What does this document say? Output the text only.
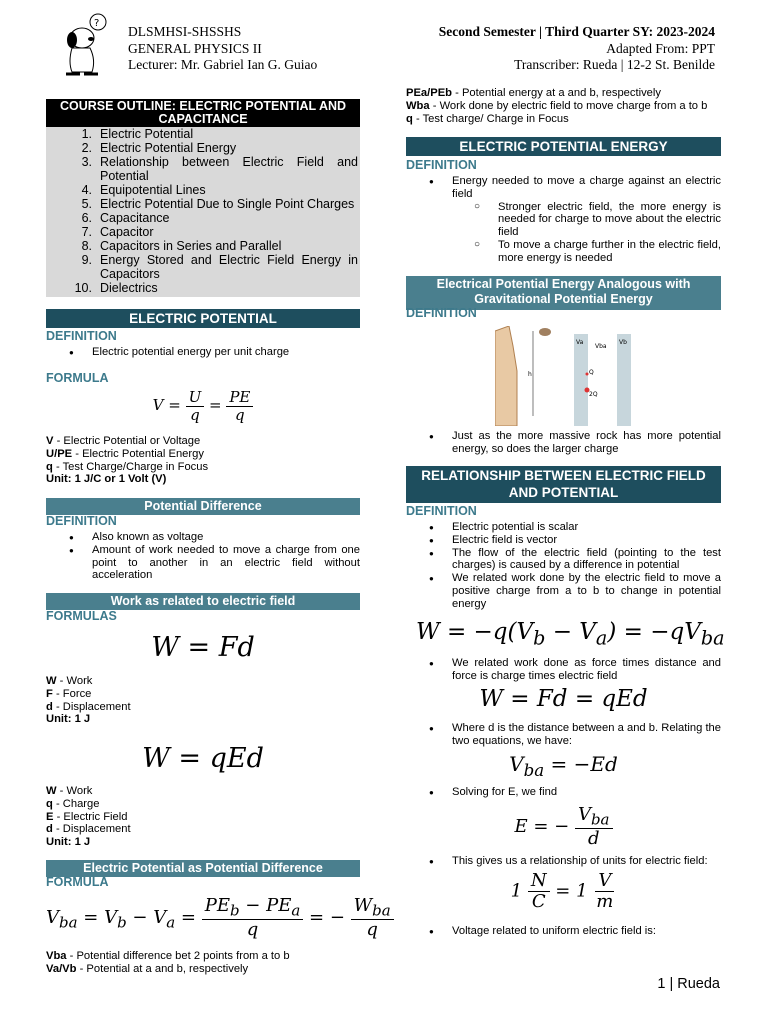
?
DLSMHSI-SHSSHS
GENERAL PHYSICS II
Lecturer: Mr. Gabriel Ian G. Guiao
Second Semester | Third Quarter SY: 2023-2024
Adapted From: PPT
Transcriber: Rueda | 12-2 St. Benilde
COURSE OUTLINE: ELECTRIC POTENTIAL AND CAPACITANCE
1. Electric Potential
2. Electric Potential Energy
3. Relationship between Electric Field and Potential
4. Equipotential Lines
5. Electric Potential Due to Single Point Charges
6. Capacitance
7. Capacitor
8. Capacitors in Series and Parallel
9. Energy Stored and Electric Field Energy in Capacitors
10. Dielectrics
ELECTRIC POTENTIAL
DEFINITION
● Electric potential energy per unit charge
FORMULA
$V = \frac{U}{q} = \frac{PE}{q}$
V - Electric Potential or Voltage
U/PE - Electric Potential Energy
q - Test Charge/Charge in Focus
Unit: 1 J/C or 1 Volt (V)
Potential Difference
DEFINITION
● Also known as voltage
● Amount of work needed to move a charge from one point to another in an electric field without acceleration
Work as related to electric field
FORMULAS
W = Fd
W - Work
F - Force
d - Displacement
Unit: 1 J
W = qEd
W - Work
q - Charge
E - Electric Field
d - Displacement
Unit: 1 J
Electric Potential as Potential Difference
FORMULA
$V_{ba} = V_b - V_a = \frac{PE_b - PE_a}{q}$ = − $\frac{W_{ba}}{q}$
Vba - Potential difference bet 2 points from a to b
Va/Vb - Potential at a and b, respectively
PEa/PEb - Potential energy at a and b, respectively
Wba - Work done by electric field to move charge from a to b
q - Test charge/ Charge in Focus
ELECTRIC POTENTIAL ENERGY
DEFINITION
● Energy needed to move a charge against an electric field
○ Stronger electric field, the more energy is needed for charge to move about the electric field
○ To move a charge further in the electric field, more energy is needed
Electrical Potential Energy Analogous with Gravitational Potential Energy
DEFINITION
h
Va	Vb
Vba
Q
2Q
● Just as the more massive rock has more potential energy, so does the larger charge
RELATIONSHIP BETWEEN ELECTRIC FIELD AND POTENTIAL
DEFINITION
● Electric potential is scalar
● Electric field is vector
● The flow of the electric field (pointing to the test charges) is caused by a difference in potential
● We related work done by the electric field to move a positive charge from a to b to change in potential energy
$W = -q(V_b - V_a) = -qV_{ba}$
● We related work done as force times distance and force is charge times electric field
W = Fd = qEd
● Where d is the distance between a and b. Relating the two equations, we have:
$V_{ba} = -Ed$
● Solving for E, we find
E = − $\frac{V_{ba}}{d}$
● This gives us a relationship of units for electric field:
$1 \frac{N}{C} = 1 \frac{V}{m}$
● Voltage related to uniform electric field is:
1 | Rueda
